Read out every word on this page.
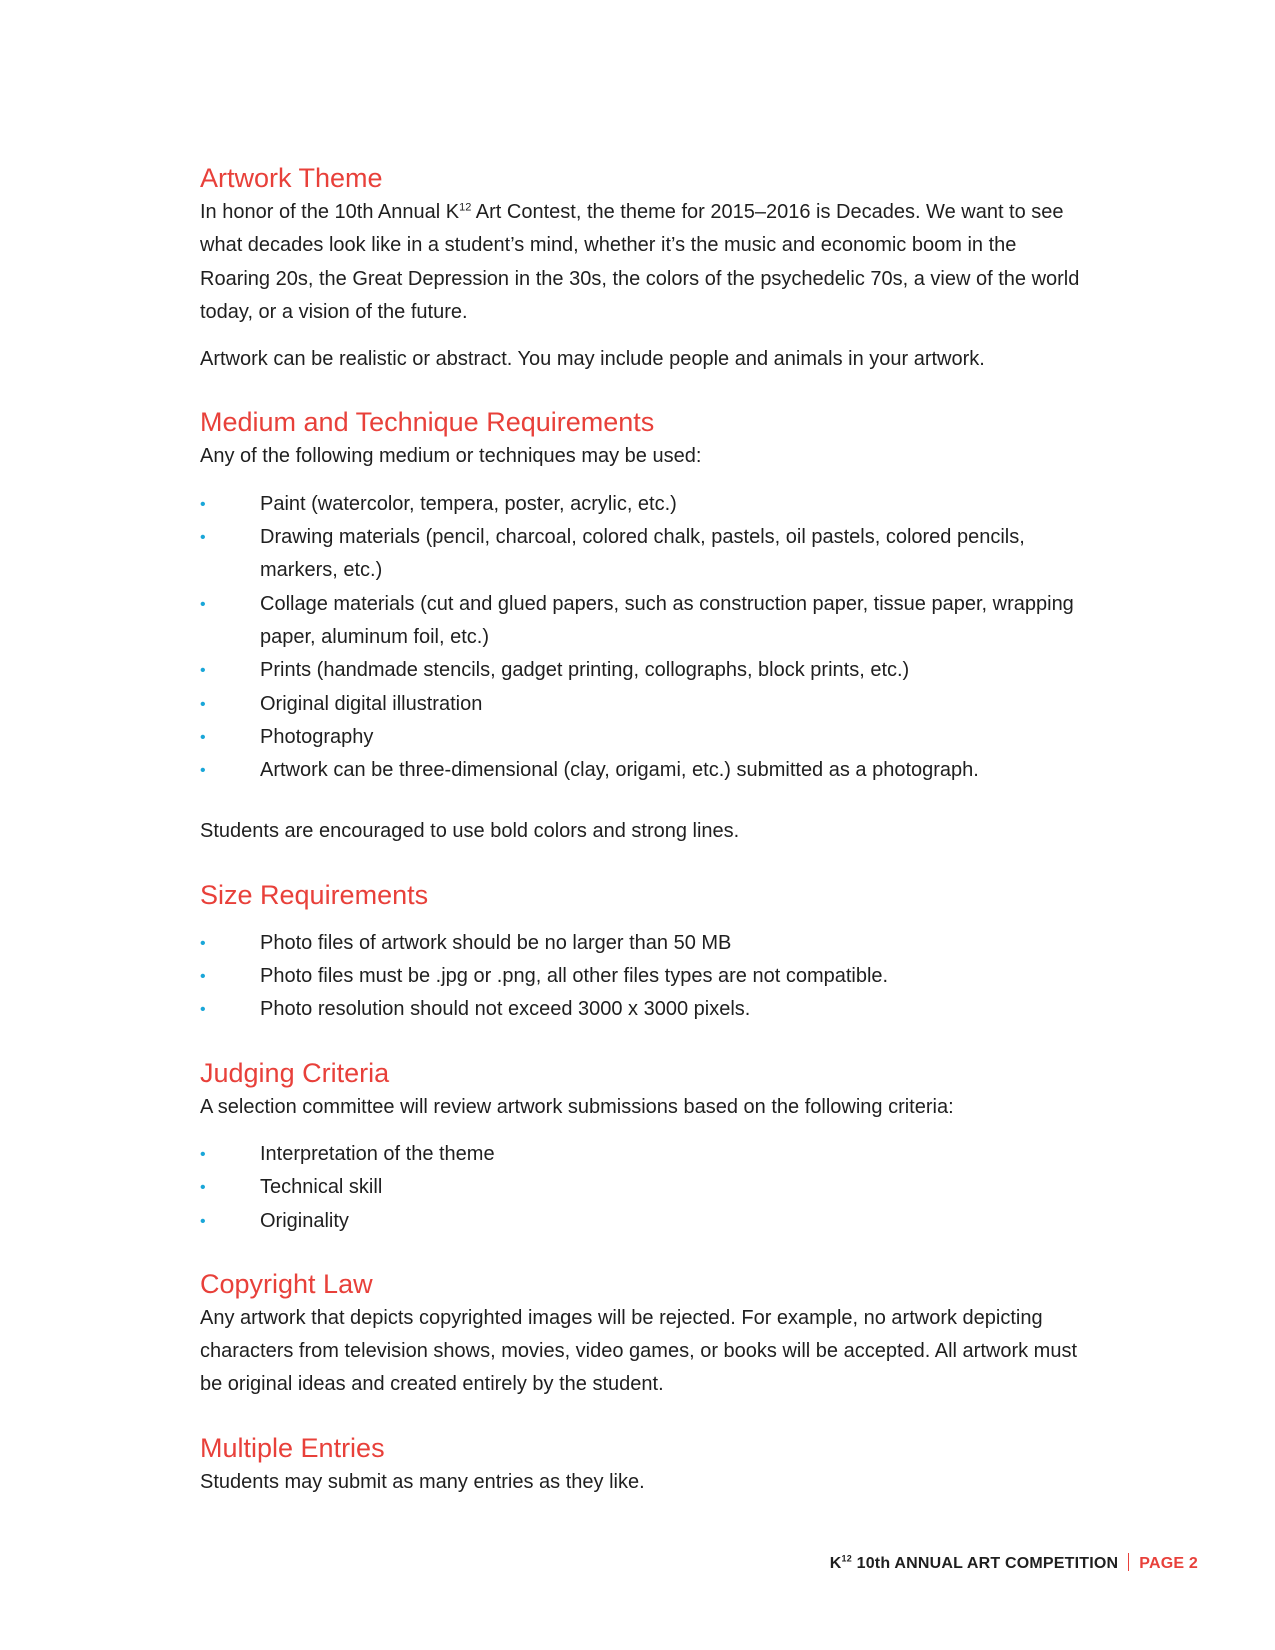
Artwork Theme

In honor of the 10th Annual $K^{12}$ Art Contest, the theme for 2015–2016 is Decades. We want to see what decades look like in a student’s mind, whether it’s the music and economic boom in the Roaring 20s, the Great Depression in the 30s, the colors of the psychedelic 70s, a view of the world today, or a vision of the future.

Artwork can be realistic or abstract. You may include people and animals in your artwork.

Medium and Technique Requirements

Any of the following medium or techniques may be used:

•	Paint (watercolor, tempera, poster, acrylic, etc.)
•	Drawing materials (pencil, charcoal, colored chalk, pastels, oil pastels, colored pencils, markers, etc.)
•	Collage materials (cut and glued papers, such as construction paper, tissue paper, wrapping paper, aluminum foil, etc.)
•	Prints (handmade stencils, gadget printing, collographs, block prints, etc.)
•	Original digital illustration
•	Photography
•	Artwork can be three-dimensional (clay, origami, etc.) submitted as a photograph.

Students are encouraged to use bold colors and strong lines.

Size Requirements
•	Photo files of artwork should be no larger than 50 MB
•	Photo files must be .jpg or .png, all other files types are not compatible.
•	Photo resolution should not exceed 3000 x 3000 pixels.
Judging Criteria

A selection committee will review artwork submissions based on the following criteria:

•	Interpretation of the theme
•	Technical skill
•	Originality
Copyright Law

Any artwork that depicts copyrighted images will be rejected. For example, no artwork depicting characters from television shows, movies, video games, or books will be accepted. All artwork must be original ideas and created entirely by the student.

Multiple Entries

Students may submit as many entries as they like.

$K^{12}$ 10th ANNUAL ART COMPETITION PAGE 2
